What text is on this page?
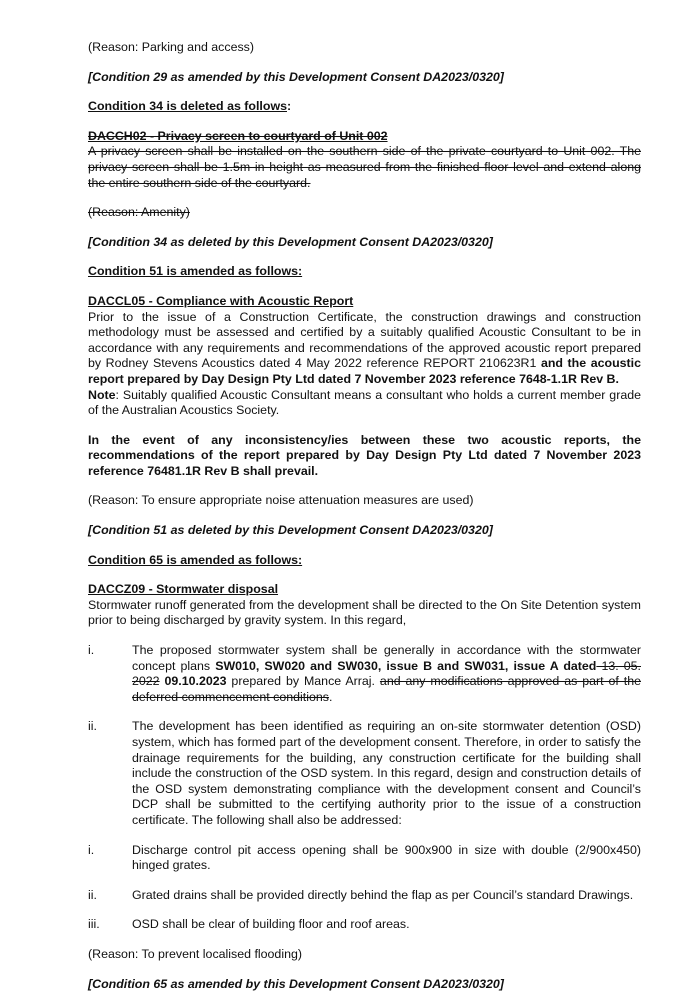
(Reason: Parking and access)

[Condition 29 as amended by this Development Consent DA2023/0320]

Condition 34 is deleted as follows:

DACCH02 - Privacy screen to courtyard of Unit 002

A privacy screen shall be installed on the southern side of the private courtyard to Unit 002. The privacy screen shall be 1.5m in height as measured from the finished floor level and extend along the entire southern side of the courtyard.

(Reason: Amenity)

[Condition 34 as deleted by this Development Consent DA2023/0320]

Condition 51 is amended as follows:

DACCL05 - Compliance with Acoustic Report

Prior to the issue of a Construction Certificate, the construction drawings and construction methodology must be assessed and certified by a suitably qualified Acoustic Consultant to be in accordance with any requirements and recommendations of the approved acoustic report prepared by Rodney Stevens Acoustics dated 4 May 2022 reference REPORT 210623R1 and the acoustic report prepared by Day Design Pty Ltd dated 7 November 2023 reference 7648-1.1R Rev B.

Note: Suitably qualified Acoustic Consultant means a consultant who holds a current member grade of the Australian Acoustics Society.

In the event of any inconsistency/ies between these two acoustic reports, the recommendations of the report prepared by Day Design Pty Ltd dated 7 November 2023 reference 76481.1R Rev B shall prevail.

(Reason: To ensure appropriate noise attenuation measures are used)

[Condition 51 as deleted by this Development Consent DA2023/0320]

Condition 65 is amended as follows:

DACCZ09 - Stormwater disposal

Stormwater runoff generated from the development shall be directed to the On Site Detention system prior to being discharged by gravity system. In this regard,

i.	The proposed stormwater system shall be generally in accordance with the stormwater concept plans SW010, SW020 and SW030, issue B and SW031, issue A dated 13. 05. 2022 09.10.2023 prepared by Mance Arraj. and any modifications approved as part of the deferred commencement conditions.
ii.	The development has been identified as requiring an on-site stormwater detention (OSD) system, which has formed part of the development consent. Therefore, in order to satisfy the drainage requirements for the building, any construction certificate for the building shall include the construction of the OSD system. In this regard, design and construction details of the OSD system demonstrating compliance with the development consent and Council’s DCP shall be submitted to the certifying authority prior to the issue of a construction certificate. The following shall also be addressed:
i.	Discharge control pit access opening shall be 900x900 in size with double (2/900x450) hinged grates.
ii.	Grated drains shall be provided directly behind the flap as per Council’s standard Drawings.
iii.	OSD shall be clear of building floor and roof areas.

(Reason: To prevent localised flooding)

[Condition 65 as amended by this Development Consent DA2023/0320]
